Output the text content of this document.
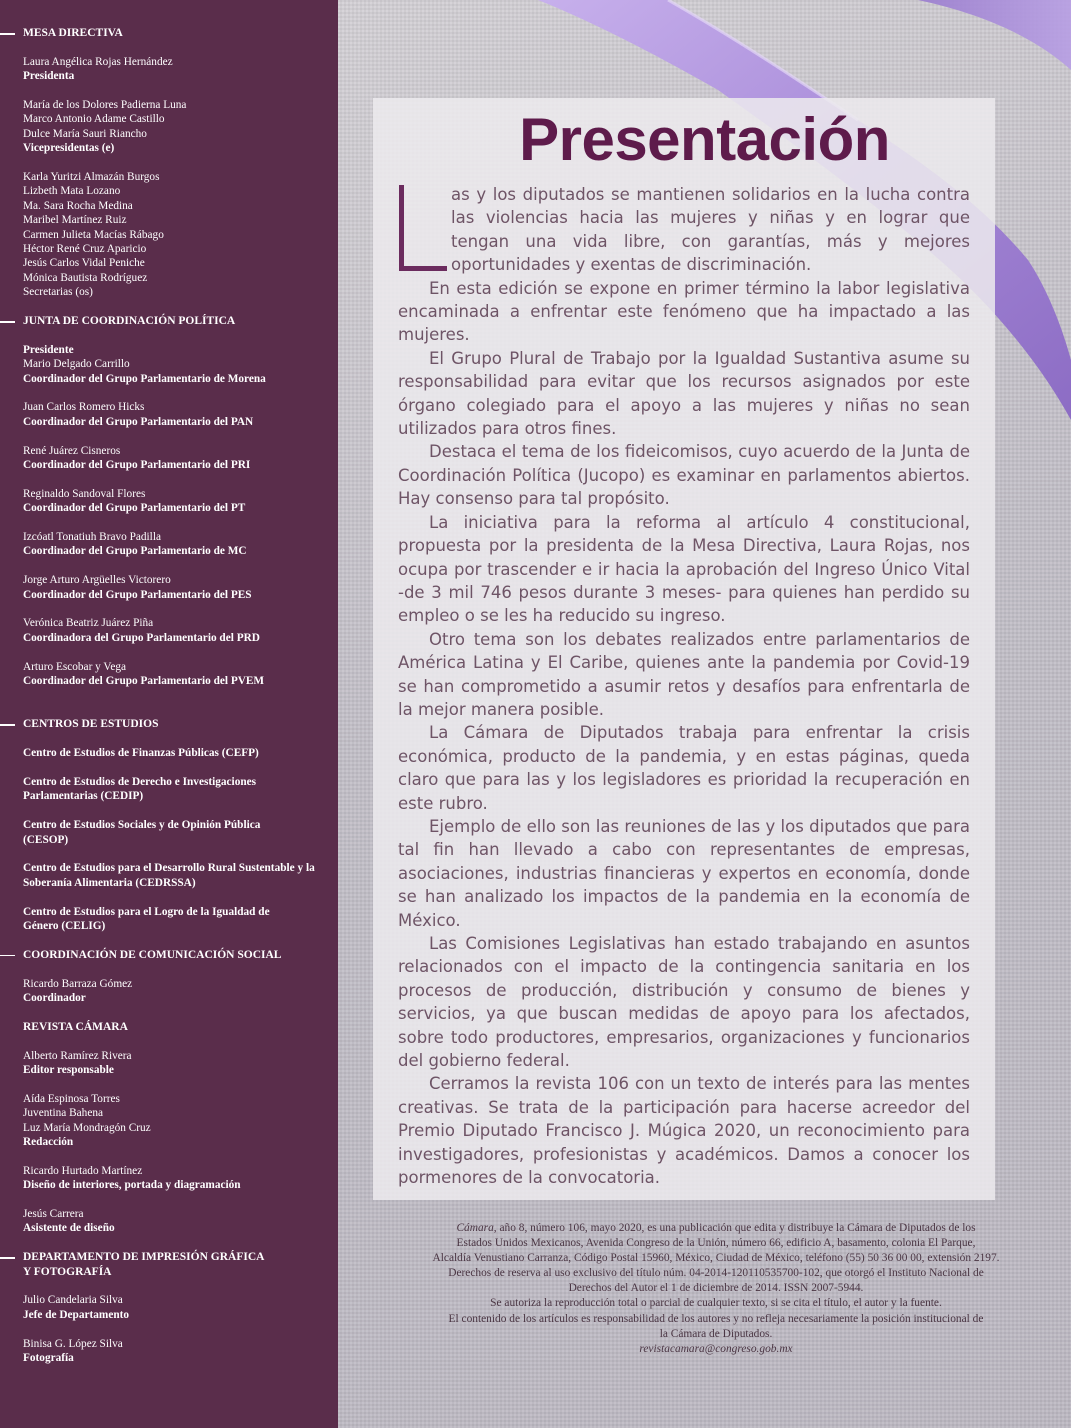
MESA DIRECTIVA
Laura Angélica Rojas Hernández
Presidenta
María de los Dolores Padierna Luna
Marco Antonio Adame Castillo
Dulce María Sauri Riancho
Vicepresidentas (e)
Karla Yuritzi Almazán Burgos
Lizbeth Mata Lozano
Ma. Sara Rocha Medina
Maribel Martínez Ruiz
Carmen Julieta Macías Rábago
Héctor René Cruz Aparicio
Jesús Carlos Vidal Peniche
Mónica Bautista Rodríguez
Secretarias (os)
JUNTA DE COORDINACIÓN POLÍTICA
Presidente
Mario Delgado Carrillo
Coordinador del Grupo Parlamentario de Morena
Juan Carlos Romero Hicks
Coordinador del Grupo Parlamentario del PAN
René Juárez Cisneros
Coordinador del Grupo Parlamentario del PRI
Reginaldo Sandoval Flores
Coordinador del Grupo Parlamentario del PT
Izcóatl Tonatiuh Bravo Padilla
Coordinador del Grupo Parlamentario de MC
Jorge Arturo Argüelles Victorero
Coordinador del Grupo Parlamentario del PES
Verónica Beatriz Juárez Piña
Coordinadora del Grupo Parlamentario del PRD
Arturo Escobar y Vega
Coordinador del Grupo Parlamentario del PVEM
CENTROS DE ESTUDIOS
Centro de Estudios de Finanzas Públicas (CEFP)
Centro de Estudios de Derecho e Investigaciones Parlamentarias (CEDIP)
Centro de Estudios Sociales y de Opinión Pública (CESOP)
Centro de Estudios para el Desarrollo Rural Sustentable y la Soberanía Alimentaria (CEDRSSA)
Centro de Estudios para el Logro de la Igualdad de Género (CELIG)
COORDINACIÓN DE COMUNICACIÓN SOCIAL
Ricardo Barraza Gómez
Coordinador
REVISTA CÁMARA
Alberto Ramírez Rivera
Editor responsable
Aída Espinosa Torres
Juventina Bahena
Luz María Mondragón Cruz
Redacción
Ricardo Hurtado Martínez
Diseño de interiores, portada y diagramación
Jesús Carrera
Asistente de diseño
DEPARTAMENTO DE IMPRESIÓN GRÁFICA
Y FOTOGRAFÍA
Julio Candelaria Silva
Jefe de Departamento
Binisa G. López Silva
Fotografía
Presentación

as y los diputados se mantienen solidarios en la lucha contra las violencias hacia las mujeres y niñas y en lograr que tengan una vida libre, con garantías, más y mejores oportunidades y exentas de discriminación.

En esta edición se expone en primer término la labor legislativa encaminada a enfrentar este fenómeno que ha impactado a las mujeres.

El Grupo Plural de Trabajo por la Igualdad Sustantiva asume su responsabilidad para evitar que los recursos asignados por este órgano colegiado para el apoyo a las mujeres y niñas no sean utilizados para otros fines.

Destaca el tema de los fideicomisos, cuyo acuerdo de la Junta de Coordinación Política (Jucopo) es examinar en parlamentos abiertos. Hay consenso para tal propósito.

La iniciativa para la reforma al artículo 4 constitucional, propuesta por la presidenta de la Mesa Directiva, Laura Rojas, nos ocupa por trascender e ir hacia la aprobación del Ingreso Único Vital -de 3 mil 746 pesos durante 3 meses- para quienes han perdido su empleo o se les ha reducido su ingreso.

Otro tema son los debates realizados entre parlamentarios de América Latina y El Caribe, quienes ante la pandemia por Covid-19 se han comprometido a asumir retos y desafíos para enfrentarla de la mejor manera posible.

La Cámara de Diputados trabaja para enfrentar la crisis económica, producto de la pandemia, y en estas páginas, queda claro que para las y los legisladores es prioridad la recuperación en este rubro.

Ejemplo de ello son las reuniones de las y los diputados que para tal fin han llevado a cabo con representantes de empresas, asociaciones, industrias financieras y expertos en economía, donde se han analizado los impactos de la pandemia en la economía de México.

Las Comisiones Legislativas han estado trabajando en asuntos relacionados con el impacto de la contingencia sanitaria en los procesos de producción, distribución y consumo de bienes y servicios, ya que buscan medidas de apoyo para los afectados, sobre todo productores, empresarios, organizaciones y funcionarios del gobierno federal.

Cerramos la revista 106 con un texto de interés para las mentes creativas. Se trata de la participación para hacerse acreedor del Premio Diputado Francisco J. Múgica 2020, un reconocimiento para investigadores, profesionistas y académicos. Damos a conocer los pormenores de la convocatoria.

Cámara, año 8, número 106, mayo 2020, es una publicación que edita y distribuye la Cámara de Diputados de los
Estados Unidos Mexicanos, Avenida Congreso de la Unión, número 66, edificio A, basamento, colonia El Parque,
Alcaldía Venustiano Carranza, Código Postal 15960, México, Ciudad de México, teléfono (55) 50 36 00 00, extensión 2197.
Derechos de reserva al uso exclusivo del título núm. 04-2014-120110535700-102, que otorgó el Instituto Nacional de
Derechos del Autor el 1 de diciembre de 2014. ISSN 2007-5944.
Se autoriza la reproducción total o parcial de cualquier texto, si se cita el título, el autor y la fuente.
El contenido de los artículos es responsabilidad de los autores y no refleja necesariamente la posición institucional de
la Cámara de Diputados.
revistacamara@congreso.gob.mx
